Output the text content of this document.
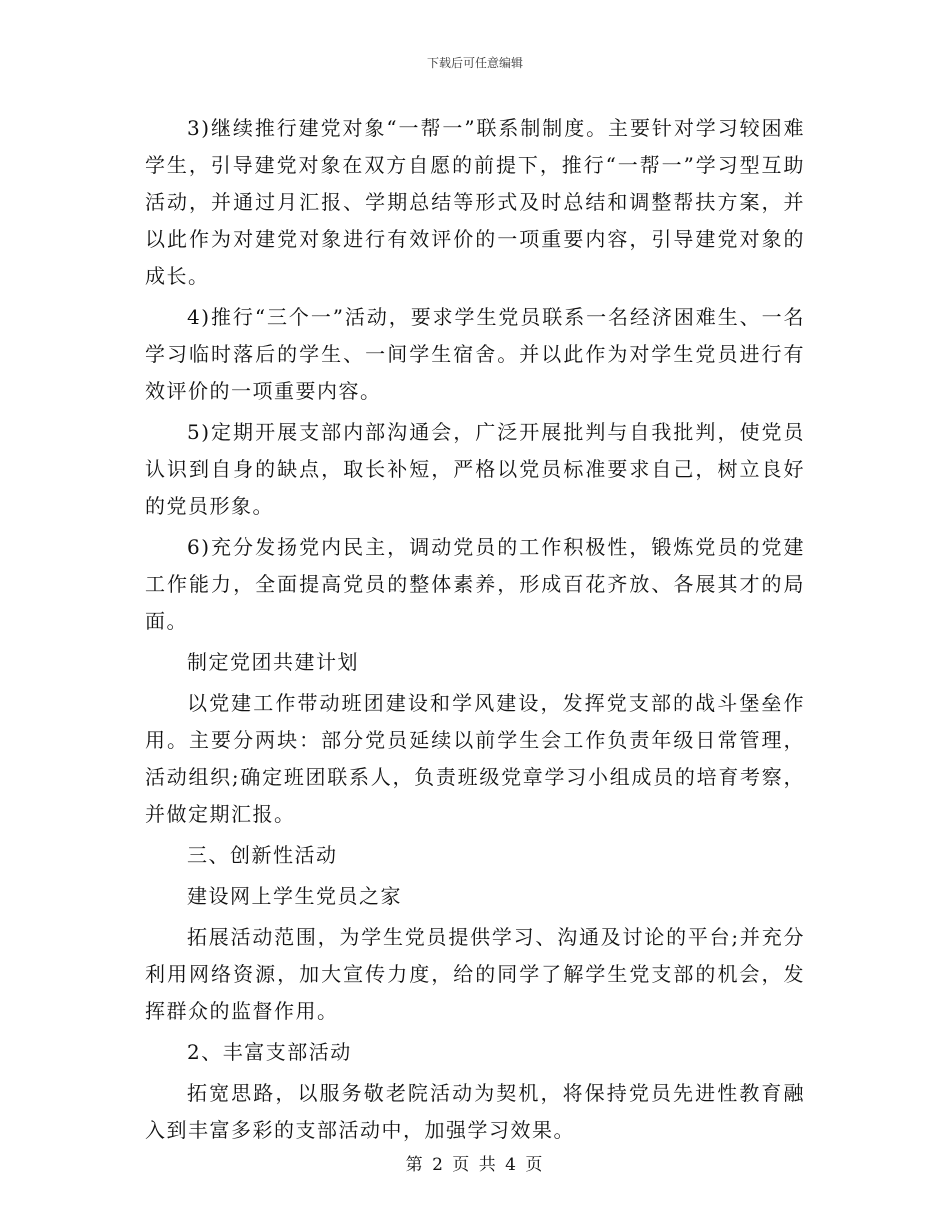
下载后可任意编辑

3)继续推行建党对象“一帮一”联系制制度。主要针对学习较困难学生，引导建党对象在双方自愿的前提下，推行“一帮一”学习型互助活动，并通过月汇报、学期总结等形式及时总结和调整帮扶方案，并以此作为对建党对象进行有效评价的一项重要内容，引导建党对象的成长。

4)推行“三个一”活动，要求学生党员联系一名经济困难生、一名学习临时落后的学生、一间学生宿舍。并以此作为对学生党员进行有效评价的一项重要内容。

5)定期开展支部内部沟通会，广泛开展批判与自我批判，使党员认识到自身的缺点，取长补短，严格以党员标准要求自己，树立良好的党员形象。

6)充分发扬党内民主，调动党员的工作积极性，锻炼党员的党建工作能力，全面提高党员的整体素养，形成百花齐放、各展其才的局面。

制定党团共建计划

以党建工作带动班团建设和学风建设，发挥党支部的战斗堡垒作用。主要分两块：部分党员延续以前学生会工作负责年级日常管理，活动组织;确定班团联系人，负责班级党章学习小组成员的培育考察，并做定期汇报。

三、创新性活动

建设网上学生党员之家

拓展活动范围，为学生党员提供学习、沟通及讨论的平台;并充分利用网络资源，加大宣传力度，给的同学了解学生党支部的机会，发挥群众的监督作用。

2、丰富支部活动

拓宽思路，以服务敬老院活动为契机，将保持党员先进性教育融入到丰富多彩的支部活动中，加强学习效果。

第 2 页 共 4 页
